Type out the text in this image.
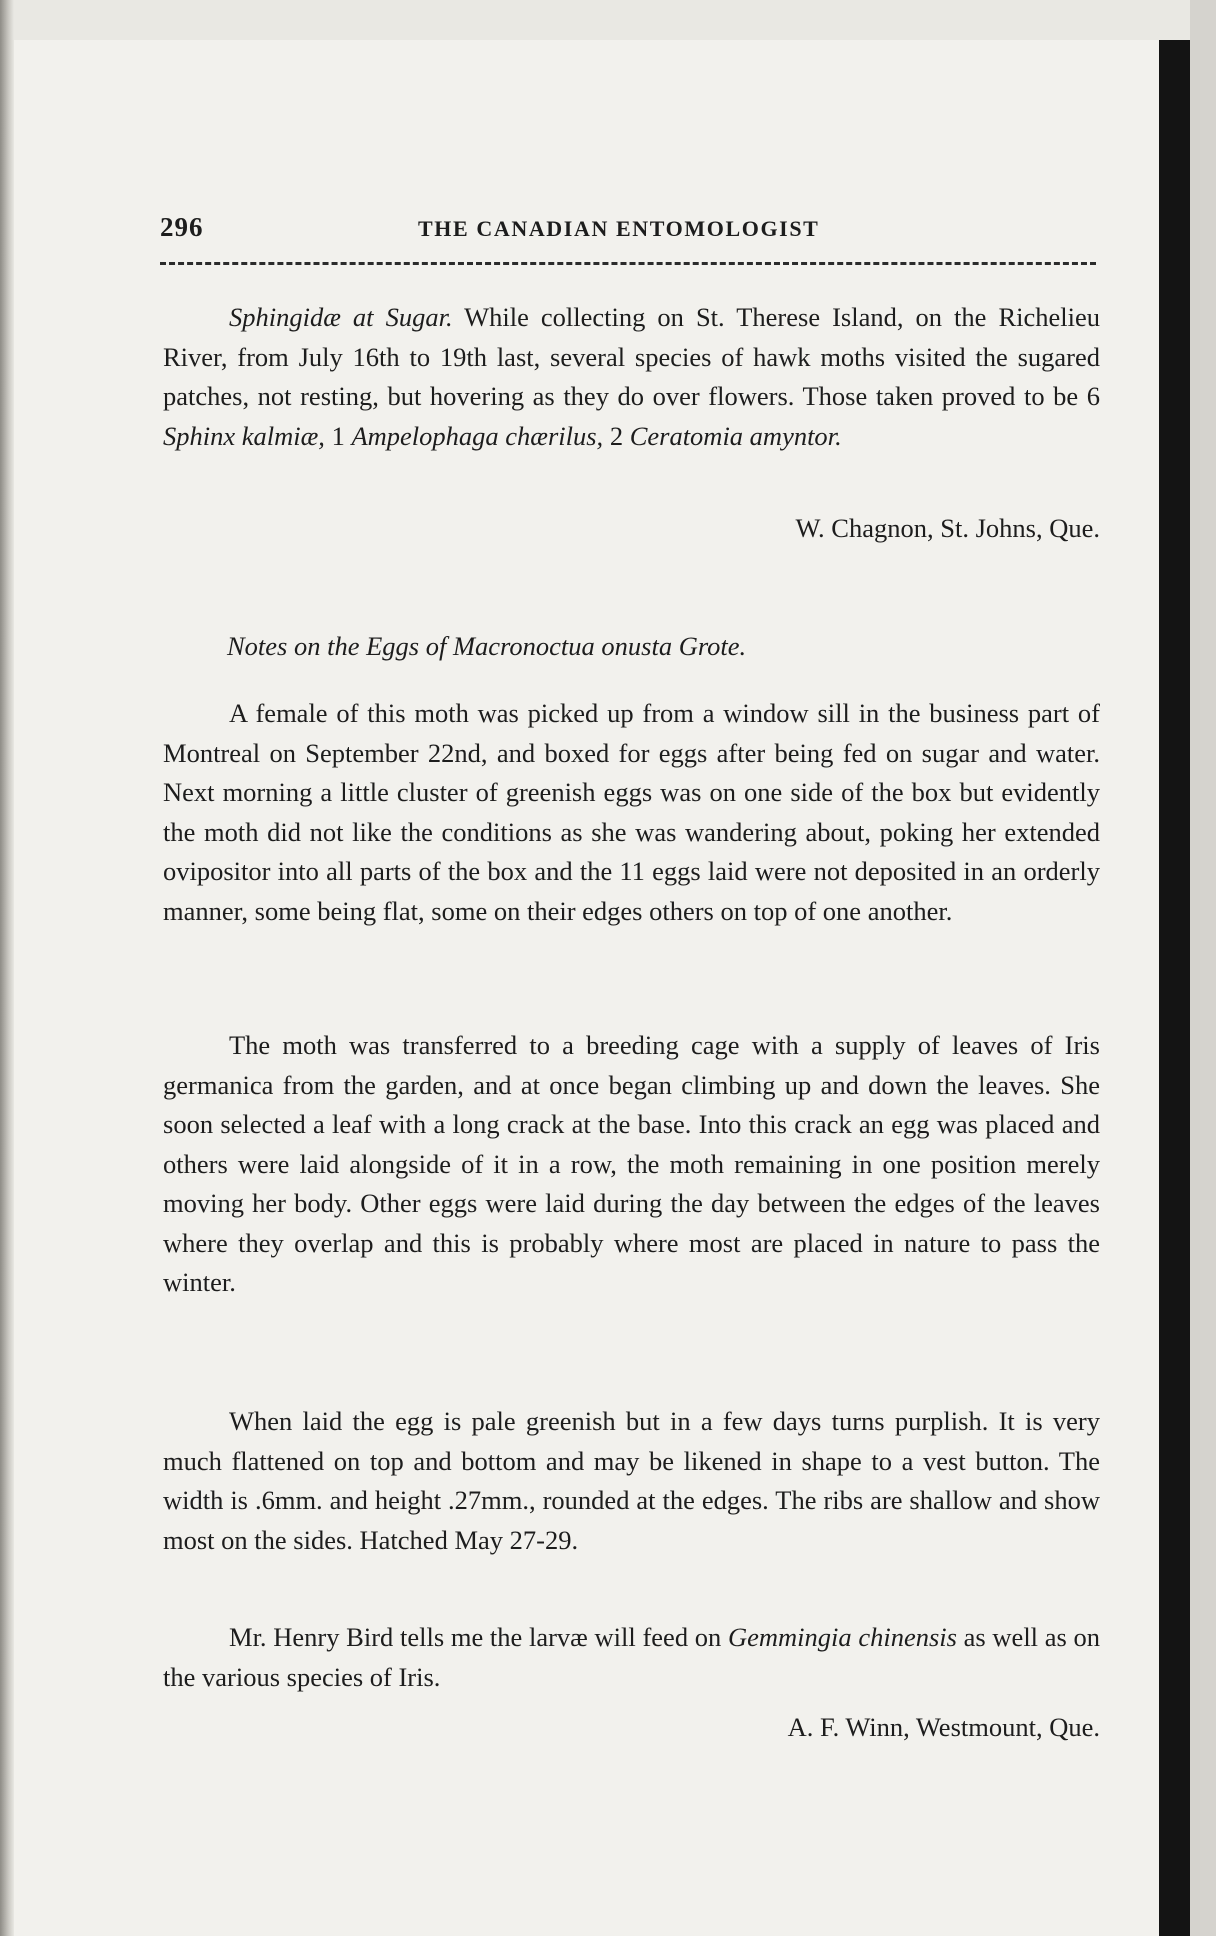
296	THE CANADIAN ENTOMOLOGIST

Sphingidæ at Sugar. While collecting on St. Therese Island, on the Richelieu River, from July 16th to 19th last, several species of hawk moths visited the sugared patches, not resting, but hovering as they do over flowers. Those taken proved to be 6 Sphinx kalmiæ, 1 Ampelophaga chærilus, 2 Ceratomia amyntor.

W. Chagnon, St. Johns, Que.
Notes on the Eggs of Macronoctua onusta Grote.

A female of this moth was picked up from a window sill in the business part of Montreal on September 22nd, and boxed for eggs after being fed on sugar and water. Next morning a little cluster of greenish eggs was on one side of the box but evidently the moth did not like the conditions as she was wandering about, poking her extended ovipositor into all parts of the box and the 11 eggs laid were not deposited in an orderly manner, some being flat, some on their edges others on top of one another.

The moth was transferred to a breeding cage with a supply of leaves of Iris germanica from the garden, and at once began climbing up and down the leaves. She soon selected a leaf with a long crack at the base. Into this crack an egg was placed and others were laid alongside of it in a row, the moth remaining in one position merely moving her body. Other eggs were laid during the day between the edges of the leaves where they overlap and this is probably where most are placed in nature to pass the winter.

When laid the egg is pale greenish but in a few days turns purplish. It is very much flattened on top and bottom and may be likened in shape to a vest button. The width is .6mm. and height .27mm., rounded at the edges. The ribs are shallow and show most on the sides. Hatched May 27-29.

Mr. Henry Bird tells me the larvæ will feed on Gemmingia chinensis as well as on the various species of Iris.

A. F. Winn, Westmount, Que.
